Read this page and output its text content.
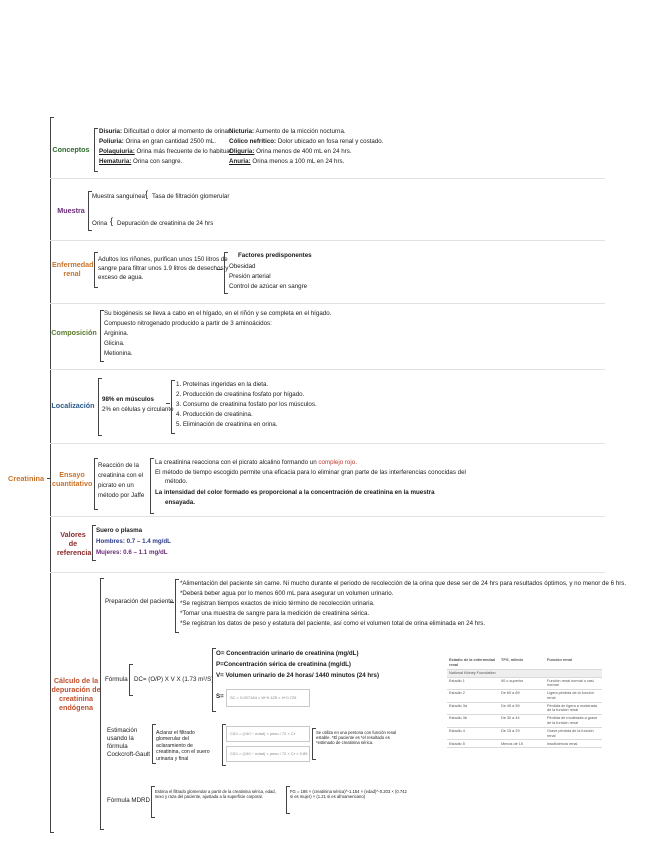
Creatinina
Conceptos
Disuria: Dificultad o dolor al momento de orinar.
Poliuria: Orina en gran cantidad 2500 mL.
Polaquiuria: Orina más frecuente de lo habitual.
Hematuria: Orina con sangre.
Nicturia: Aumento de la micción nocturna.
Cólico nefrítico: Dolor ubicado en fosa renal y costado.
Oliguria: Orina menos de 400 mL en 24 hrs.
Anuria: Orina menos a 100 mL en 24 hrs.
Muestra
Muestra sanguínea { Tasa de filtración glomerular
Orina { Depuración de creatinina de 24 hrs
Enfermedad renal
Adultos los riñones, purifican unos 150 litros de
sangre para filtrar unos 1.9 litros de desechos y
exceso de agua.
Factores predisponentes
Obesidad
Presión arterial
Control de azúcar en sangre
Composición
Su biogénesis se lleva a cabo en el hígado, en el riñón y se completa en el hígado.
Compuesto nitrogenado producido a partir de 3 aminoácidos:
Arginina.
Glicina.
Metionina.
Localización
98% en músculos
2% en células y circulante
1. Proteínas ingeridas en la dieta.
2. Producción de creatinina fosfato por hígado.
3. Consumo de creatinina fosfato por los músculos.
4. Producción de creatinina.
5. Eliminación de creatinina en orina.
Ensayo cuantitativo
Reacción de la
creatinina con el
picrato en un
método por Jaffe
La creatinina reacciona con el picrato alcalino formando un complejo rojo.
El método de tiempo escogido permite una eficacia para lo eliminar gran parte de las interferencias conocidas del
método.
La intensidad del color formado es proporcional a la concentración de creatinina en la muestra
ensayada.
Valores de referencia
Suero o plasma
Hombres: 0.7 – 1.4 mg/dL
Mujeres: 0.6 – 1.1 mg/dL
Cálculo de la depuración de creatinina endógena
Preparación del paciente
*Alimentación del paciente sin carne. Ni mucho durante el periodo de recolección de la orina que dese ser de 24 hrs para resultados óptimos, y no menor de 6 hrs.
*Deberá beber agua por lo menos 600 mL para asegurar un volumen urinario.
*Se registran tiempos exactos de inicio término de recolección urinaria.
*Tomar una muestra de sangre para la medición de creatinina sérica.
*Se registran los datos de peso y estatura del paciente, así como el volumen total de orina eliminada en 24 hrs.
Fórmula DC= (O/P) X V X (1.73 m²/S)
O= Concentración urinario de creatinina (mg/dL)
P=Concentración sérica de creatinina (mg/dL)
V= Volumen urinario de 24 horas/ 1440 minutos (24 hrs)
S= SC = 0.007184 × W^0.425 × H^0.725
Estimación usando la fórmula Cockcroft-Gault
Aclarar el filtrado glomerular del aclaramiento de creatinina, con el suero urinaria y final
ClCr = (140 − edad) × peso / 72 × Cr
ClCr = (140 − edad) × peso / 72 × Cr × 0.85
Se utiliza en una persona con función renal estable. *El paciente es *el resultado es *estimado de creatinina sérica.
Fórmula MDRD
Estima el filtrado glomerular a partir de la creatinina sérica, edad, sexo y raza del paciente, ajustada a la superficie corporal.
FG = 186 × (creatinina sérica)^-1.154 × (edad)^-0.203 × (0.742 si es mujer) × (1.21 si es afroamericano)
Estadio de la enfermedad renal	TFG, ml/min	Función renal
National Kidney Foundation		
Estadio 1	90 o superior	Función renal normal o casi normal
Estadio 2	De 60 a 89	Ligera pérdida de la función renal
Estadio 3a	De 45 a 59	Pérdida de ligera a moderada de la función renal
Estadio 3b	De 30 a 44	Pérdida de moderada a grave de la función renal
Estadio 4	De 15 a 29	Grave pérdida de la función renal
Estadio 5	Menos de 15	Insuficiencia renal
